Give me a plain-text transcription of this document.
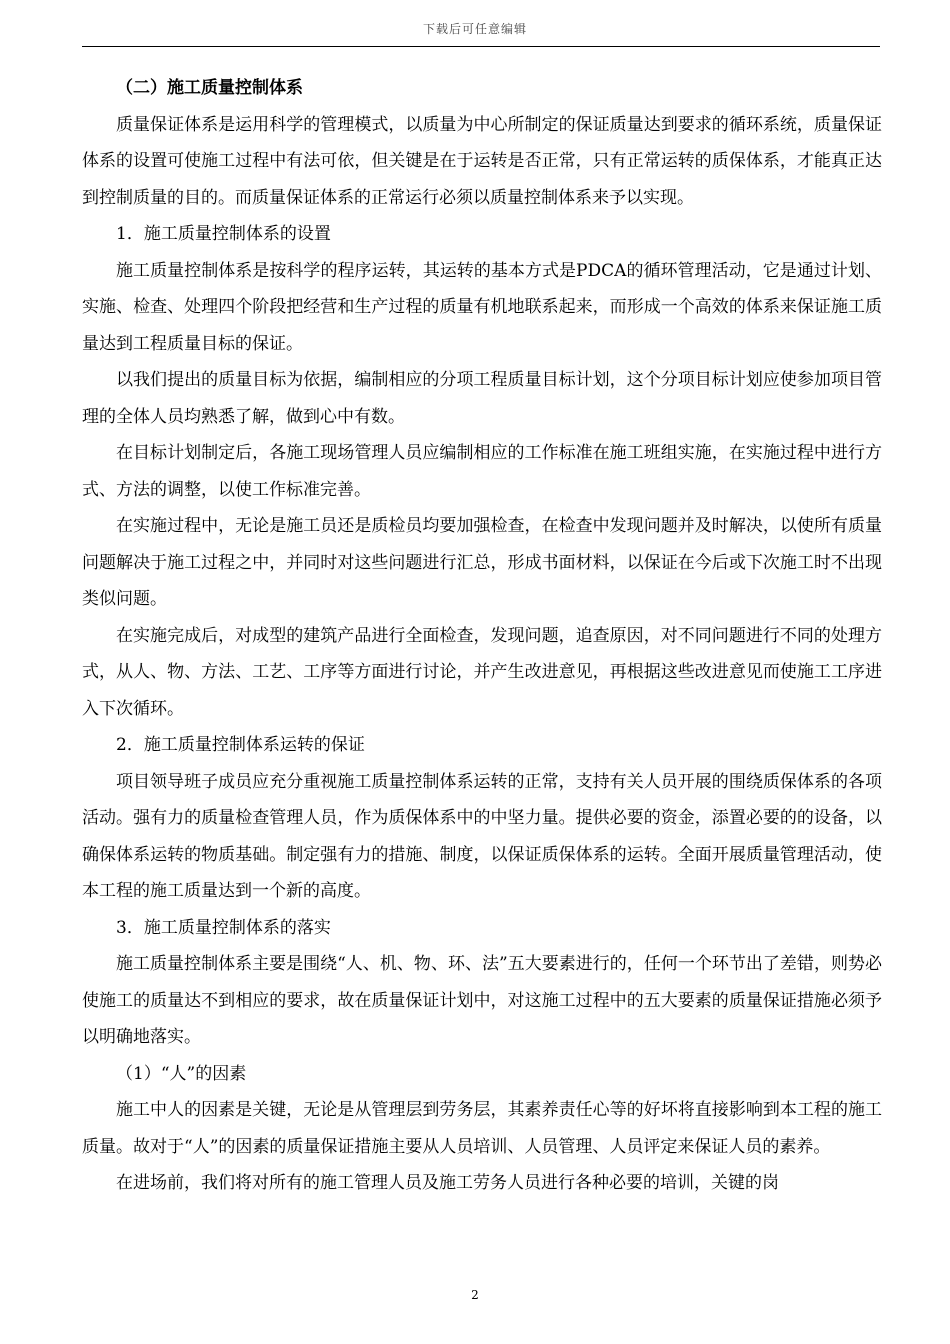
下载后可任意编辑

（二）施工质量控制体系

质量保证体系是运用科学的管理模式，以质量为中心所制定的保证质量达到要求的循环系统，质量保证体系的设置可使施工过程中有法可依，但关键是在于运转是否正常，只有正常运转的质保体系，才能真正达到控制质量的目的。而质量保证体系的正常运行必须以质量控制体系来予以实现。

1．施工质量控制体系的设置

施工质量控制体系是按科学的程序运转，其运转的基本方式是PDCA的循环管理活动，它是通过计划、实施、检查、处理四个阶段把经营和生产过程的质量有机地联系起来，而形成一个高效的体系来保证施工质量达到工程质量目标的保证。

以我们提出的质量目标为依据，编制相应的分项工程质量目标计划，这个分项目标计划应使参加项目管理的全体人员均熟悉了解，做到心中有数。

在目标计划制定后，各施工现场管理人员应编制相应的工作标准在施工班组实施，在实施过程中进行方式、方法的调整，以使工作标准完善。

在实施过程中，无论是施工员还是质检员均要加强检查，在检查中发现问题并及时解决，以使所有质量问题解决于施工过程之中，并同时对这些问题进行汇总，形成书面材料，以保证在今后或下次施工时不出现类似问题。

在实施完成后，对成型的建筑产品进行全面检查，发现问题，追查原因，对不同问题进行不同的处理方式，从人、物、方法、工艺、工序等方面进行讨论，并产生改进意见，再根据这些改进意见而使施工工序进入下次循环。

2．施工质量控制体系运转的保证

项目领导班子成员应充分重视施工质量控制体系运转的正常，支持有关人员开展的围绕质保体系的各项活动。强有力的质量检查管理人员，作为质保体系中的中坚力量。提供必要的资金，添置必要的的设备，以确保体系运转的物质基础。制定强有力的措施、制度，以保证质保体系的运转。全面开展质量管理活动，使本工程的施工质量达到一个新的高度。

3．施工质量控制体系的落实

施工质量控制体系主要是围绕“人、机、物、环、法”五大要素进行的，任何一个环节出了差错，则势必使施工的质量达不到相应的要求，故在质量保证计划中，对这施工过程中的五大要素的质量保证措施必须予以明确地落实。

（1）“人”的因素

施工中人的因素是关键，无论是从管理层到劳务层，其素养责任心等的好坏将直接影响到本工程的施工质量。故对于“人”的因素的质量保证措施主要从人员培训、人员管理、人员评定来保证人员的素养。

在进场前，我们将对所有的施工管理人员及施工劳务人员进行各种必要的培训，关键的岗

2
